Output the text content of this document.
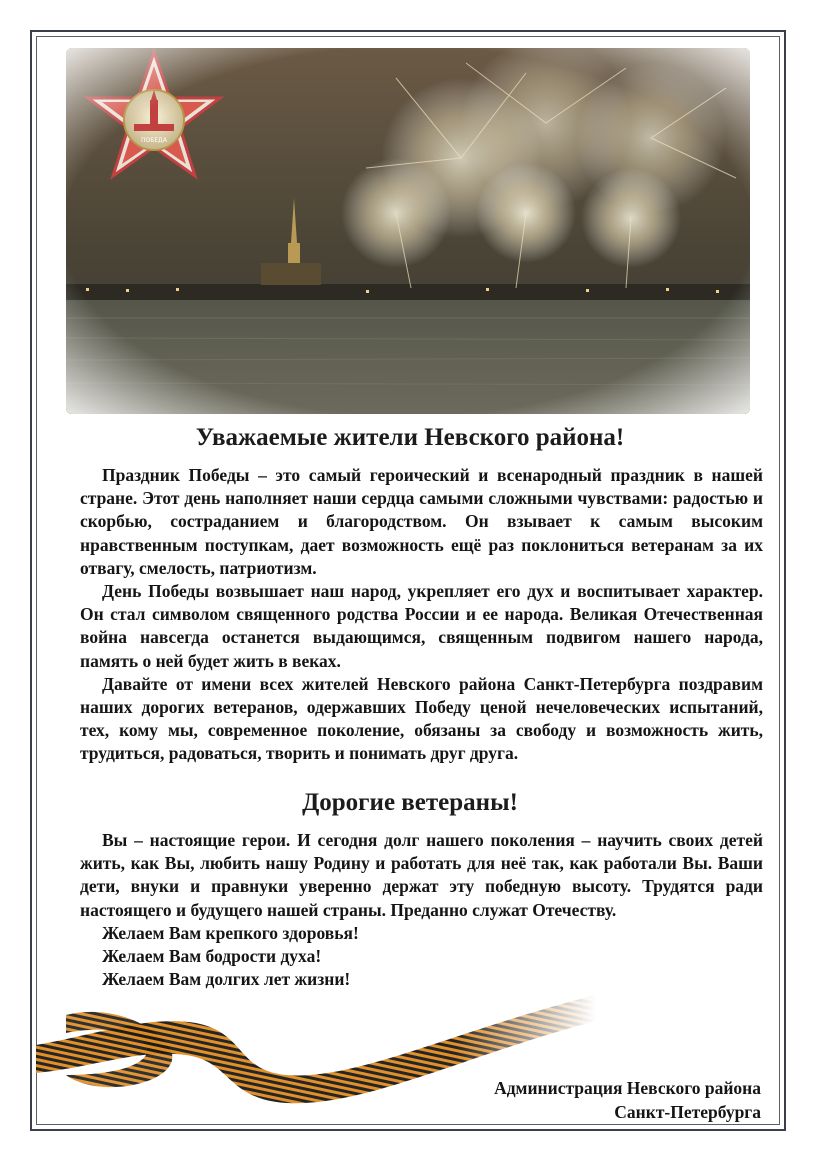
Уважаемые жители Невского района!

Праздник Победы – это самый героический и всенародный праздник в нашей стране. Этот день наполняет наши сердца самыми сложными чувствами: радостью и скорбью, состраданием и благородством. Он взывает к самым высоким нравственным поступкам, дает возможность ещё раз поклониться ветеранам за их отвагу, смелость, патриотизм.

День Победы возвышает наш народ, укрепляет его дух и воспитывает характер. Он стал символом священного родства России и ее народа. Великая Отечественная война навсегда останется выдающимся, священным подвигом нашего народа, память о ней будет жить в веках.

Давайте от имени всех жителей Невского района Санкт-Петербурга поздравим наших дорогих ветеранов, одержавших Победу ценой нечеловеческих испытаний, тех, кому мы, современное поколение, обязаны за свободу и возможность жить, трудиться, радоваться, творить и понимать друг друга.

Дорогие ветераны!

Вы – настоящие герои. И сегодня долг нашего поколения – научить своих детей жить, как Вы, любить нашу Родину и работать для неё так, как работали Вы. Ваши дети, внуки и правнуки уверенно держат эту победную высоту. Трудятся ради настоящего и будущего нашей страны. Преданно служат Отечеству.

Желаем Вам крепкого здоровья!

Желаем Вам бодрости духа!

Администрация Невского района
Санкт-Петербурга
